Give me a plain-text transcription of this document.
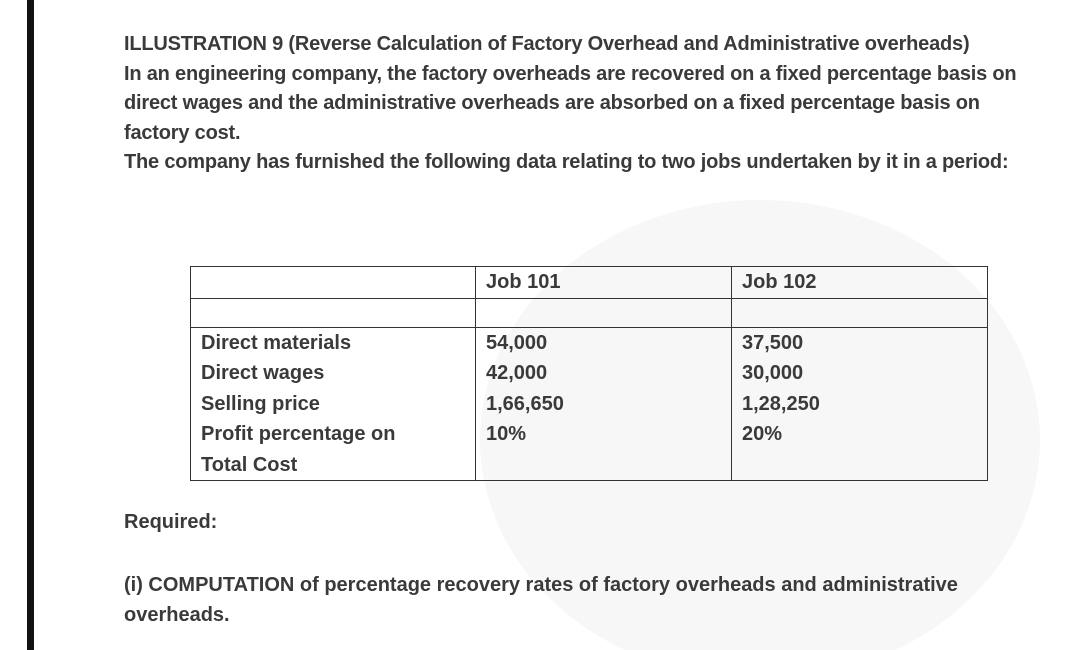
ILLUSTRATION 9 (Reverse Calculation of Factory Overhead and Administrative overheads)

In an engineering company, the factory overheads are recovered on a fixed percentage basis on direct wages and the administrative overheads are absorbed on a fixed percentage basis on factory cost.

The company has furnished the following data relating to two jobs undertaken by it in a period:

	Job 101	Job 102

Direct materials	54,000	37,500
Direct wages	42,000	30,000
Selling price	1,66,650	1,28,250
Profit percentage on Total Cost	10%	20%
Required:
(i) COMPUTATION of percentage recovery rates of factory overheads and administrative overheads.
